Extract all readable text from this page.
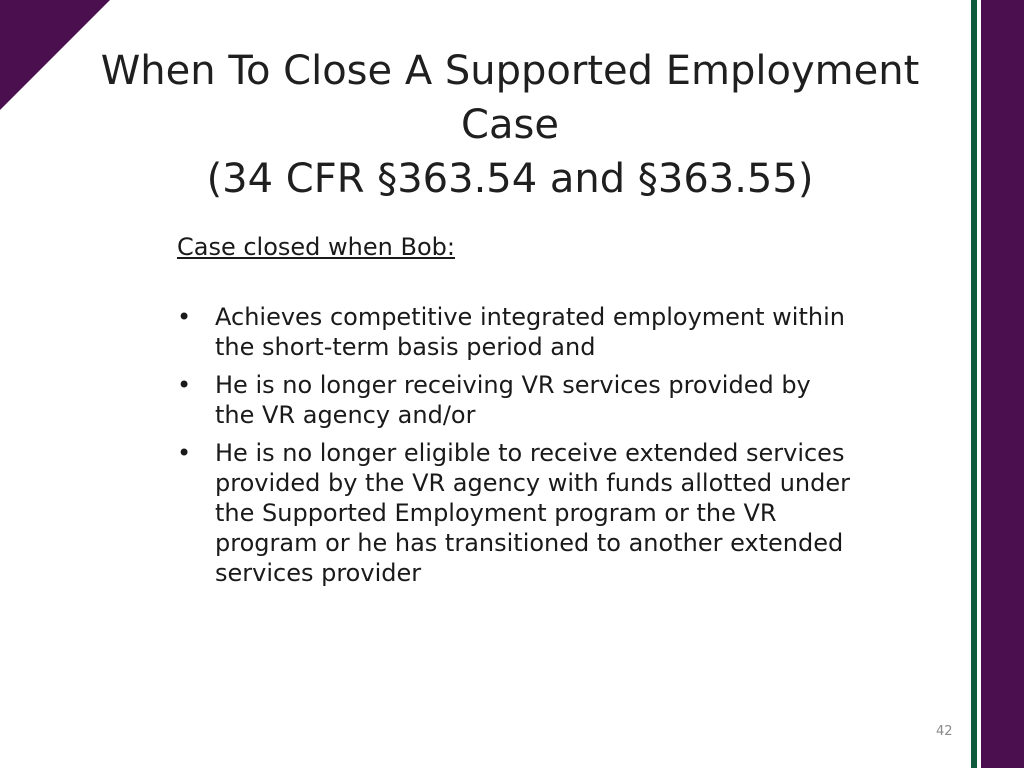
When To Close A Supported Employment Case
(34 CFR §363.54 and §363.55)

Case closed when Bob:

• Achieves competitive integrated employment within the short-term basis period and
• He is no longer receiving VR services provided by the VR agency and/or
• He is no longer eligible to receive extended services provided by the VR agency with funds allotted under the Supported Employment program or the VR program or he has transitioned to another extended services provider
42
